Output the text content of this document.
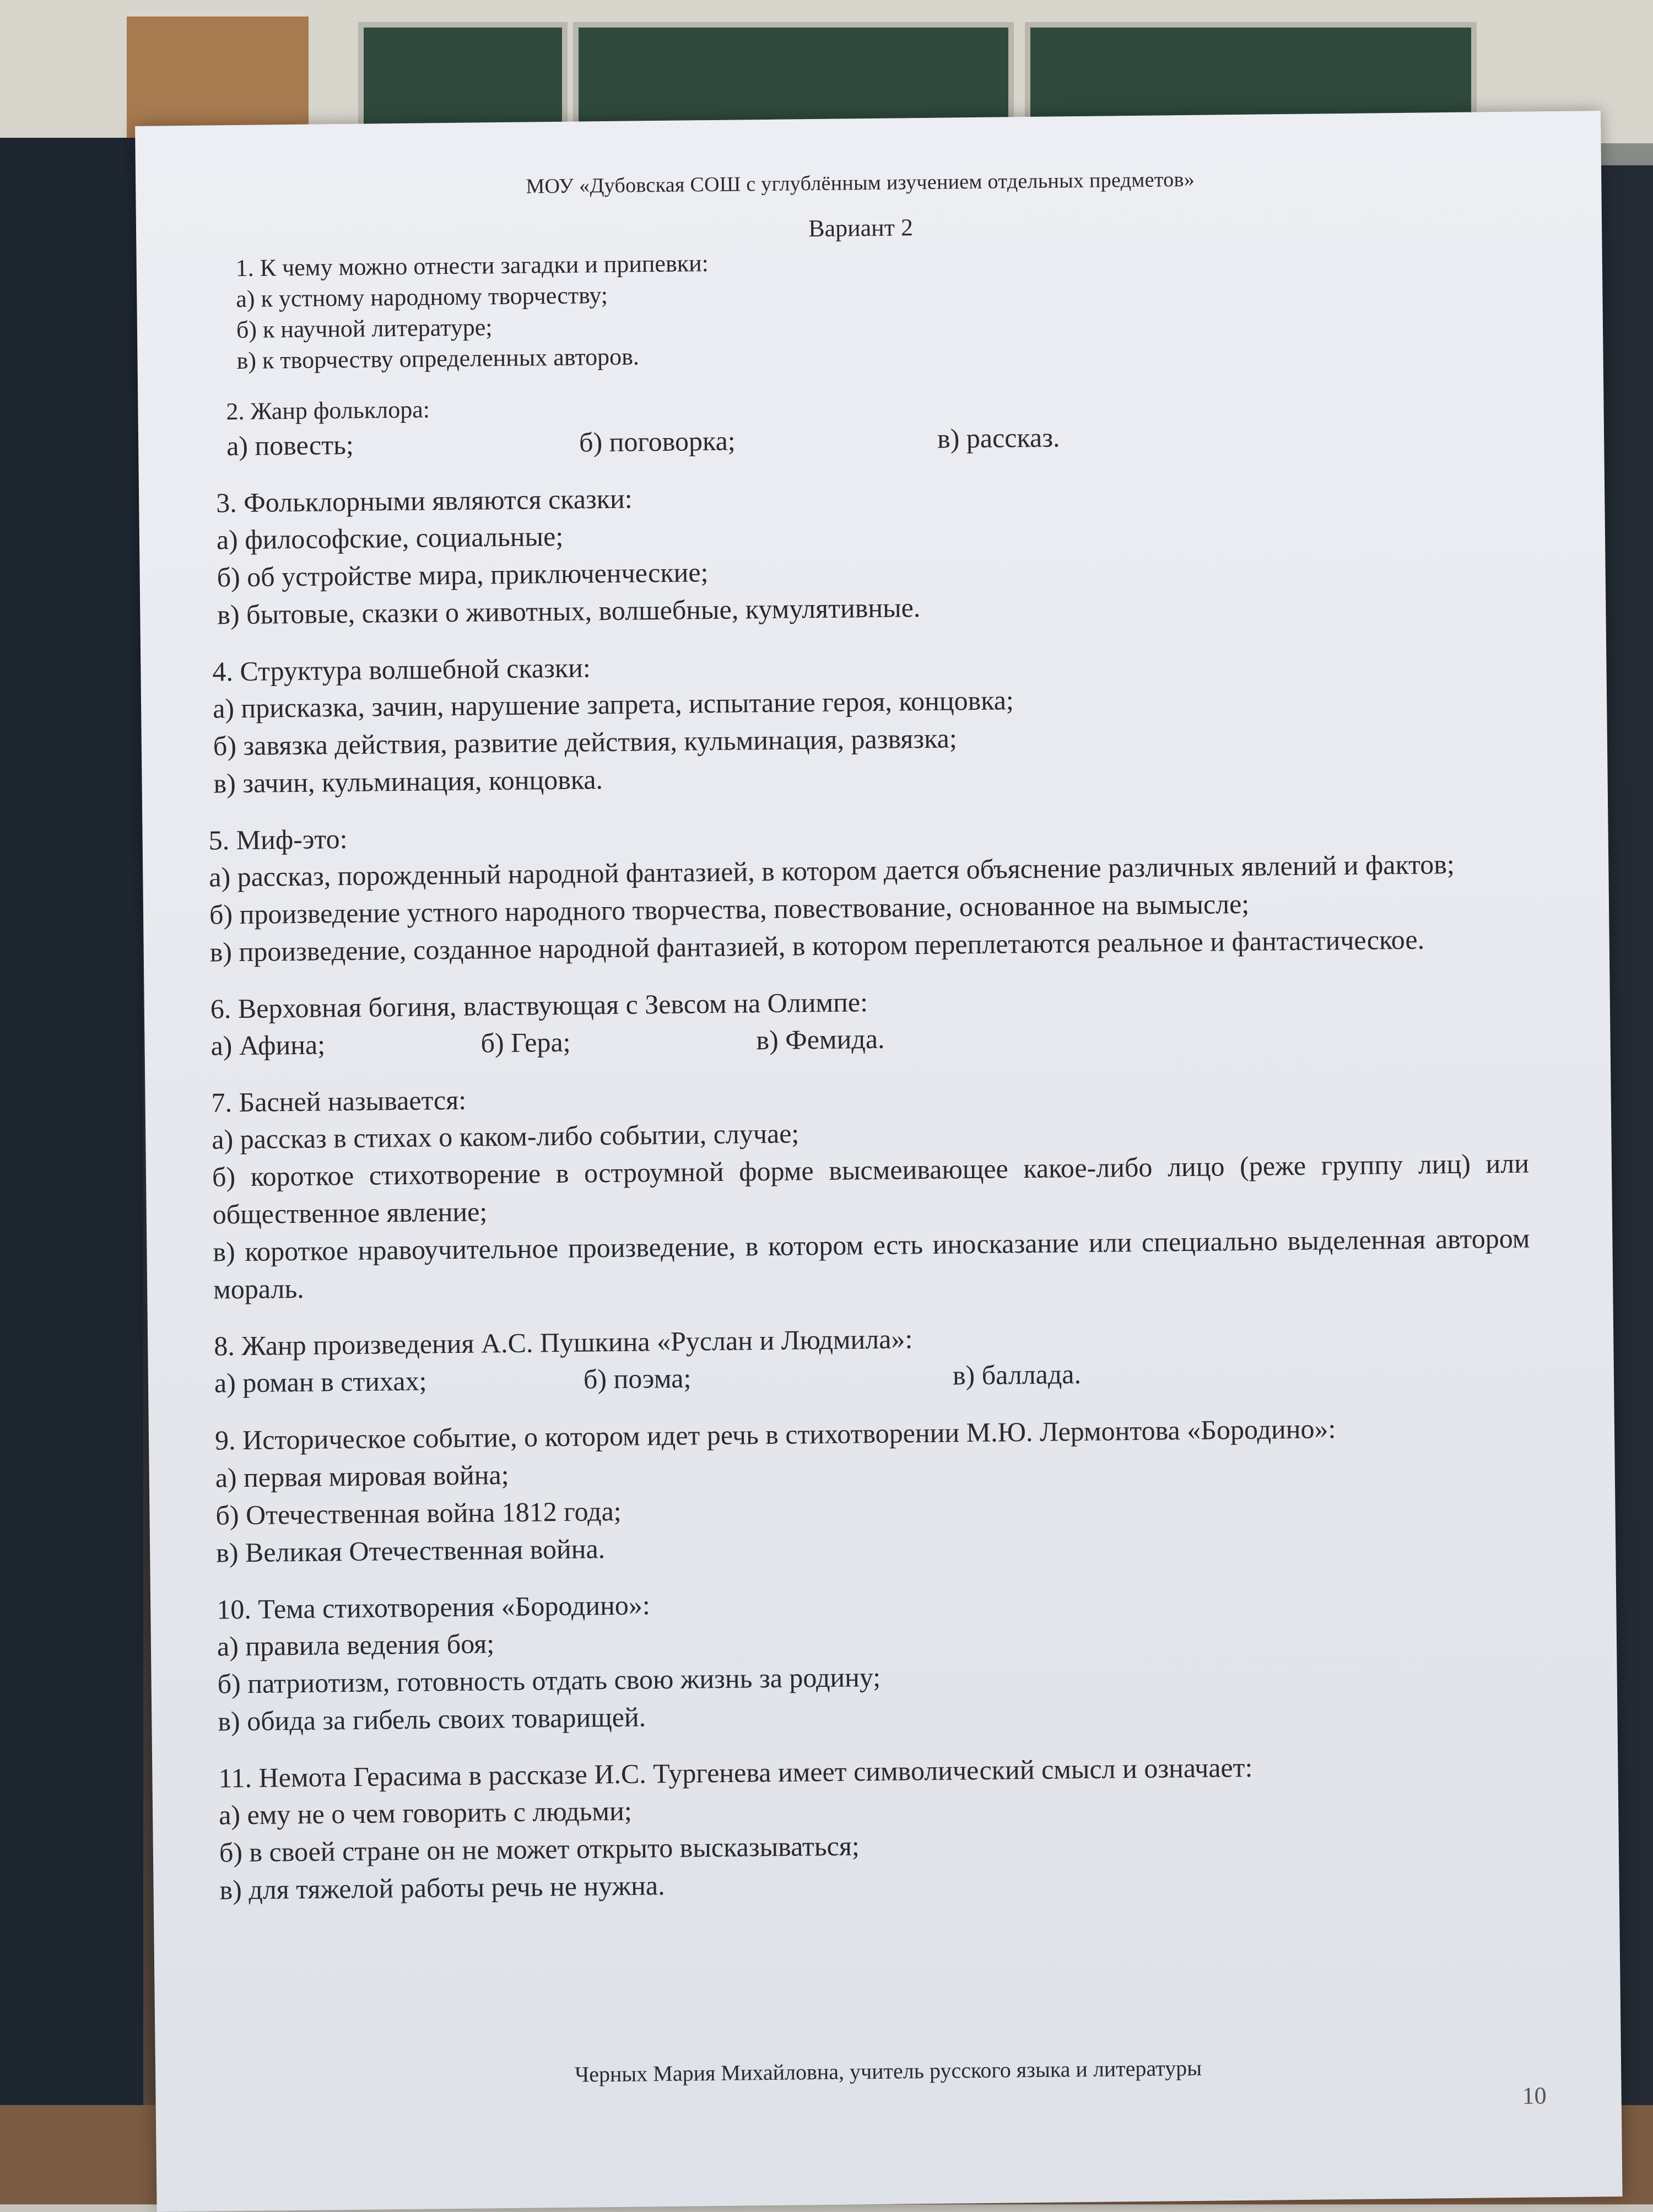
МОУ «Дубовская СОШ с углублённым изучением отдельных предметов»
Вариант 2
1. К чему можно отнести загадки и припевки:
а) к устному народному творчеству;
б) к научной литературе;
в) к творчеству определенных авторов.
2. Жанр фольклора:
а) повесть;	б) поговорка;	в) рассказ.
3. Фольклорными являются сказки:
а) философские, социальные;
б) об устройстве мира, приключенческие;
в) бытовые, сказки о животных, волшебные, кумулятивные.
4. Структура волшебной сказки:
а) присказка, зачин, нарушение запрета, испытание героя, концовка;
б) завязка действия, развитие действия, кульминация, развязка;
в) зачин, кульминация, концовка.
5. Миф-это:
а) рассказ, порожденный народной фантазией, в котором дается объяснение различных явлений и фактов;
б) произведение устного народного творчества, повествование, основанное на вымысле;
в) произведение, созданное народной фантазией, в котором переплетаются реальное и фантастическое.
6. Верховная богиня, властвующая с Зевсом на Олимпе:
а) Афина;	б) Гера;	в) Фемида.
7. Басней называется:
а) рассказ в стихах о каком-либо событии, случае;
б) короткое стихотворение в остроумной форме высмеивающее какое-либо лицо (реже группу лиц) или общественное явление;
в) короткое нравоучительное произведение, в котором есть иносказание или специально выделенная автором мораль.
8. Жанр произведения А.С. Пушкина «Руслан и Людмила»:
а) роман в стихах;	б) поэма;	в) баллада.
9. Историческое событие, о котором идет речь в стихотворении М.Ю. Лермонтова «Бородино»:
а) первая мировая война;
б) Отечественная война 1812 года;
в) Великая Отечественная война.
10. Тема стихотворения «Бородино»:
а) правила ведения боя;
б) патриотизм, готовность отдать свою жизнь за родину;
в) обида за гибель своих товарищей.
11. Немота Герасима в рассказе И.С. Тургенева имеет символический смысл и означает:
а) ему не о чем говорить с людьми;
б) в своей стране он не может открыто высказываться;
в) для тяжелой работы речь не нужна.
Черных Мария Михайловна, учитель русского языка и литературы
10
